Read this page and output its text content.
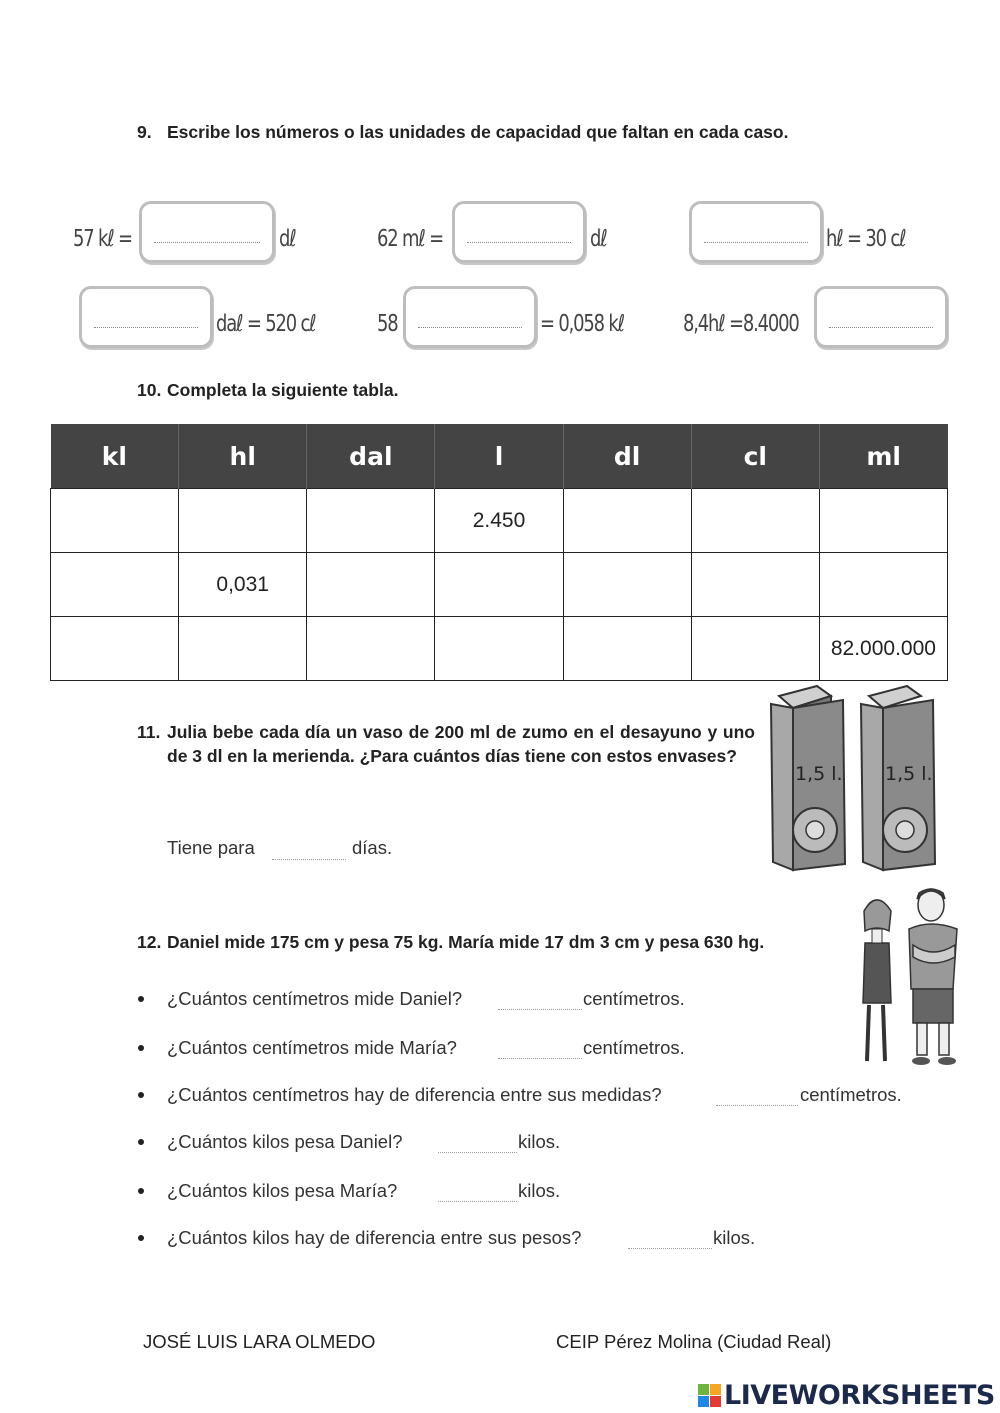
9. Escribe los números o las unidades de capacidad que faltan en cada caso.
57 kℓ =	dℓ	62 mℓ =	dℓ	hℓ = 30 cℓ
daℓ = 520 cℓ	58	= 0,058 kℓ	8,4hℓ =8.4000
10. Completa la siguiente tabla.
kl	hl	dal	l	dl	cl	ml
			2.450			
	0,031					
						82.000.000
11. Julia bebe cada día un vaso de 200 ml de zumo en el desayuno y uno de 3 dl en la merienda. ¿Para cuántos días tiene con estos envases?
Tiene para	días.
1,5 l. 1,5 l.
12. Daniel mide 175 cm y pesa 75 kg. María mide 17 dm 3 cm y pesa 630 hg.
¿Cuántos centímetros mide Daniel?	centímetros.
¿Cuántos centímetros mide María?	centímetros.
¿Cuántos centímetros hay de diferencia entre sus medidas?	centímetros.
¿Cuántos kilos pesa Daniel?	kilos.
¿Cuántos kilos pesa María?	kilos.
¿Cuántos kilos hay de diferencia entre sus pesos?	kilos.
JOSÉ LUIS LARA OLMEDO	CEIP Pérez Molina (Ciudad Real)
LIVEWORKSHEETS
